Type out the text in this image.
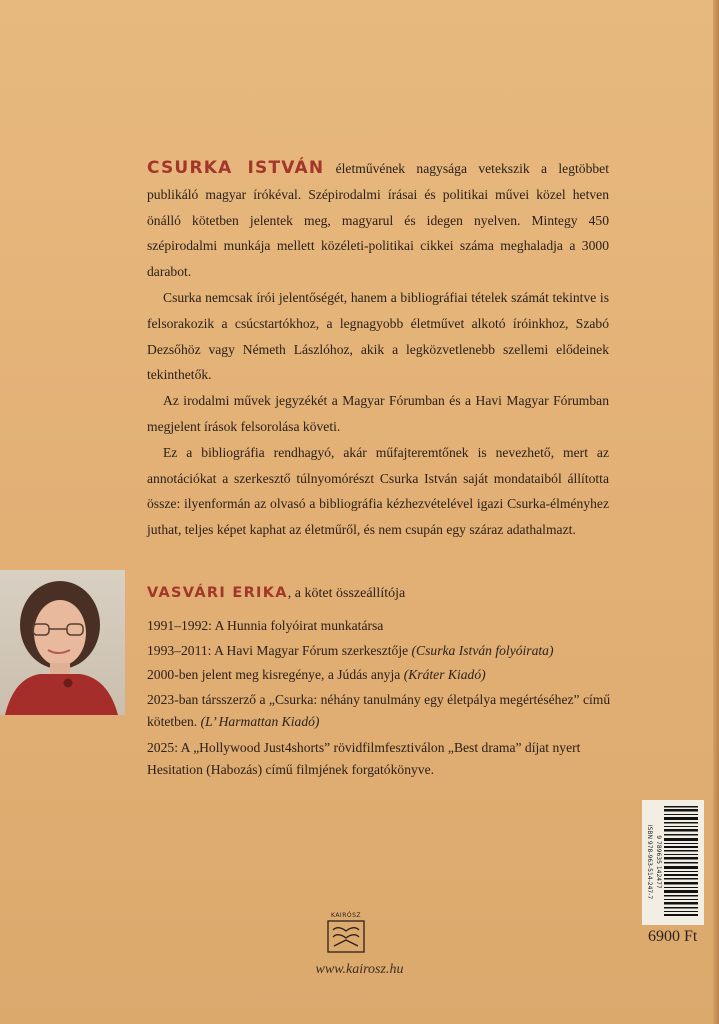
CSURKA ISTVÁN életművének nagysága vetekszik a legtöbbet publikáló magyar írókéval. Szépirodalmi írásai és politikai művei közel hetven önálló kötetben jelentek meg, magyarul és idegen nyelven. Mintegy 450 szépirodalmi munkája mellett közéleti-politikai cikkei száma meghaladja a 3000 darabot.

Csurka nemcsak írói jelentőségét, hanem a bibliográfiai tételek számát tekintve is felsorakozik a csúcstartókhoz, a legnagyobb életművet alkotó íróinkhoz, Szabó Dezsőhöz vagy Németh Lászlóhoz, akik a legközvetlenebb szellemi elődeinek tekinthetők.

Az irodalmi művek jegyzékét a Magyar Fórumban és a Havi Magyar Fórumban megjelent írások felsorolása követi.

Ez a bibliográfia rendhagyó, akár műfajteremtőnek is nevezhető, mert az annotációkat a szerkesztő túlnyomórészt Csurka István saját mondataiból állította össze: ilyenformán az olvasó a bibliográfia kézhezvételével igazi Csurka-élményhez juthat, teljes képet kaphat az életműről, és nem csupán egy száraz adathalmazt.

VASVÁRI ERIKA, a kötet összeállítója
1991–1992: A Hunnia folyóirat munkatársa
1993–2011: A Havi Magyar Fórum szerkesztője (Csurka István folyóirata)
2000-ben jelent meg kisregénye, a Júdás anyja (Kráter Kiadó)
2023-ban társszerző a „Csurka: néhány tanulmány egy életpálya megértéséhez” című kötetben. (L’ Harmattan Kiadó)
2025: A „Hollywood Just4shorts” rövidfilmfesztiválon „Best drama” díjat nyert Hesitation (Habozás) című filmjének forgatókönyve.
ISBN 978-963-514-247-7 9 789635 142477
6900 Ft
KAIRÓSZ
www.kairosz.hu
